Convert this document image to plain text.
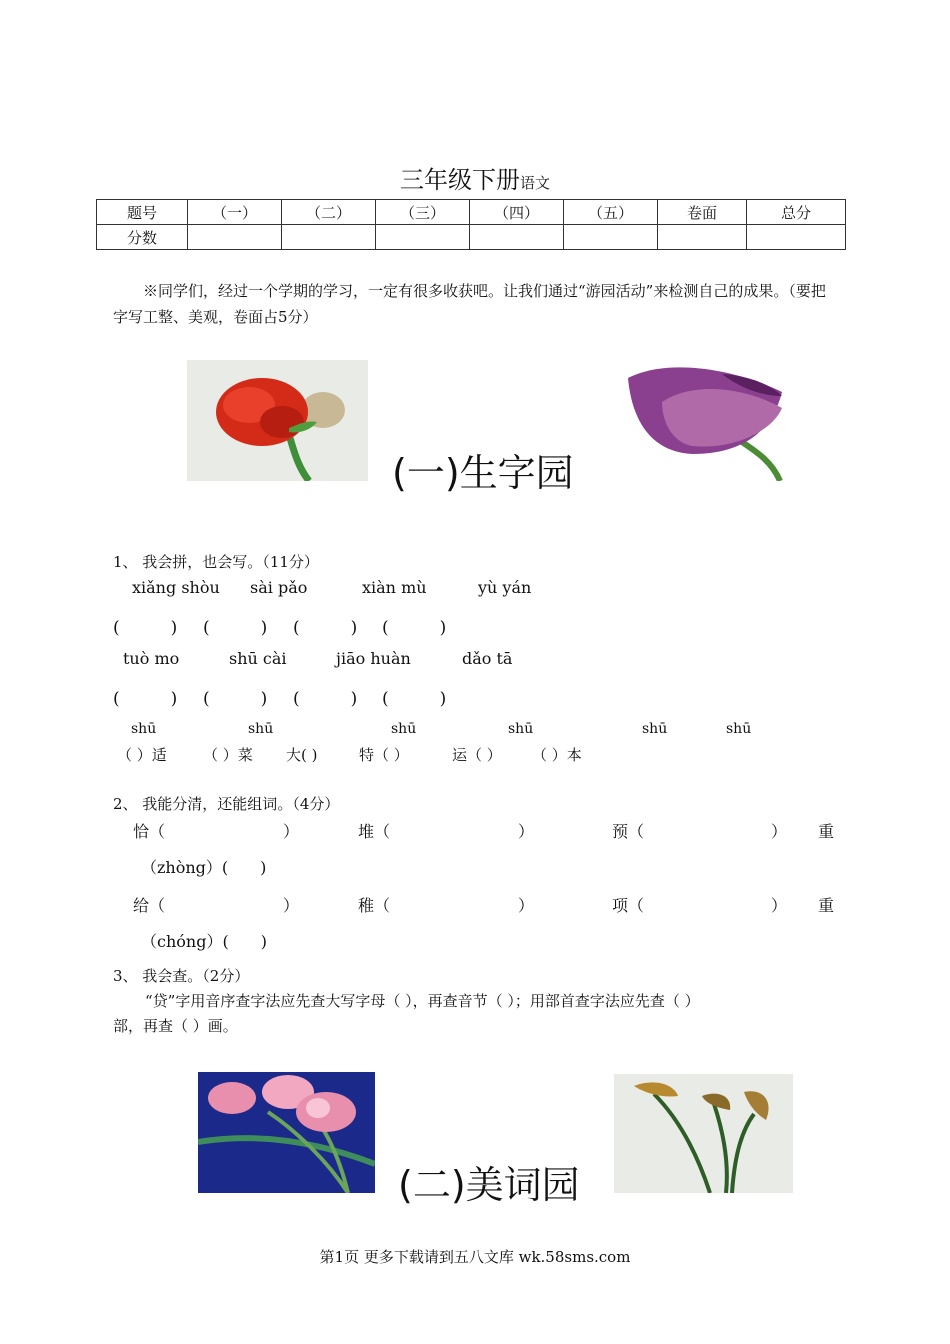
三年级下册语文
题号	（一）	（二）	（三）	（四）	（五）	卷面	总分
分数							
※同学们，经过一个学期的学习，一定有很多收获吧。让我们通过“游园活动”来检测自己的成果。（要把字写工整、美观，卷面占5分）
(一)生字园
1、 我会拼，也会写。（11分）
xiǎng shòu sài pǎo	xiàn mù	yù yán
(　　　) (　　　) (　　　) (　　　)
tuò mo	shū cài	jiāo huàn	dǎo tā
(　　　) (　　　) (　　　) (　　　)
shū	shū	shū	shū	shū	shū
（ ）适 （ ）菜 大( )	特（ ）	运（ ） （ ）本
2、 我能分清，还能组词。（4分）
恰（	）	堆（	）	预（	） 重
（zhòng）(　　)
给（	）	稚（	）	项（	） 重
（chóng）(　　)
3、 我会查。（2分）
“贷”字用音序查字法应先查大写字母（ ），再查音节（ ）；用部首查字法应先查（ ）
部，再查（ ）画。
(二)美词园
第1页 更多下载请到五八文库 wk.58sms.com
